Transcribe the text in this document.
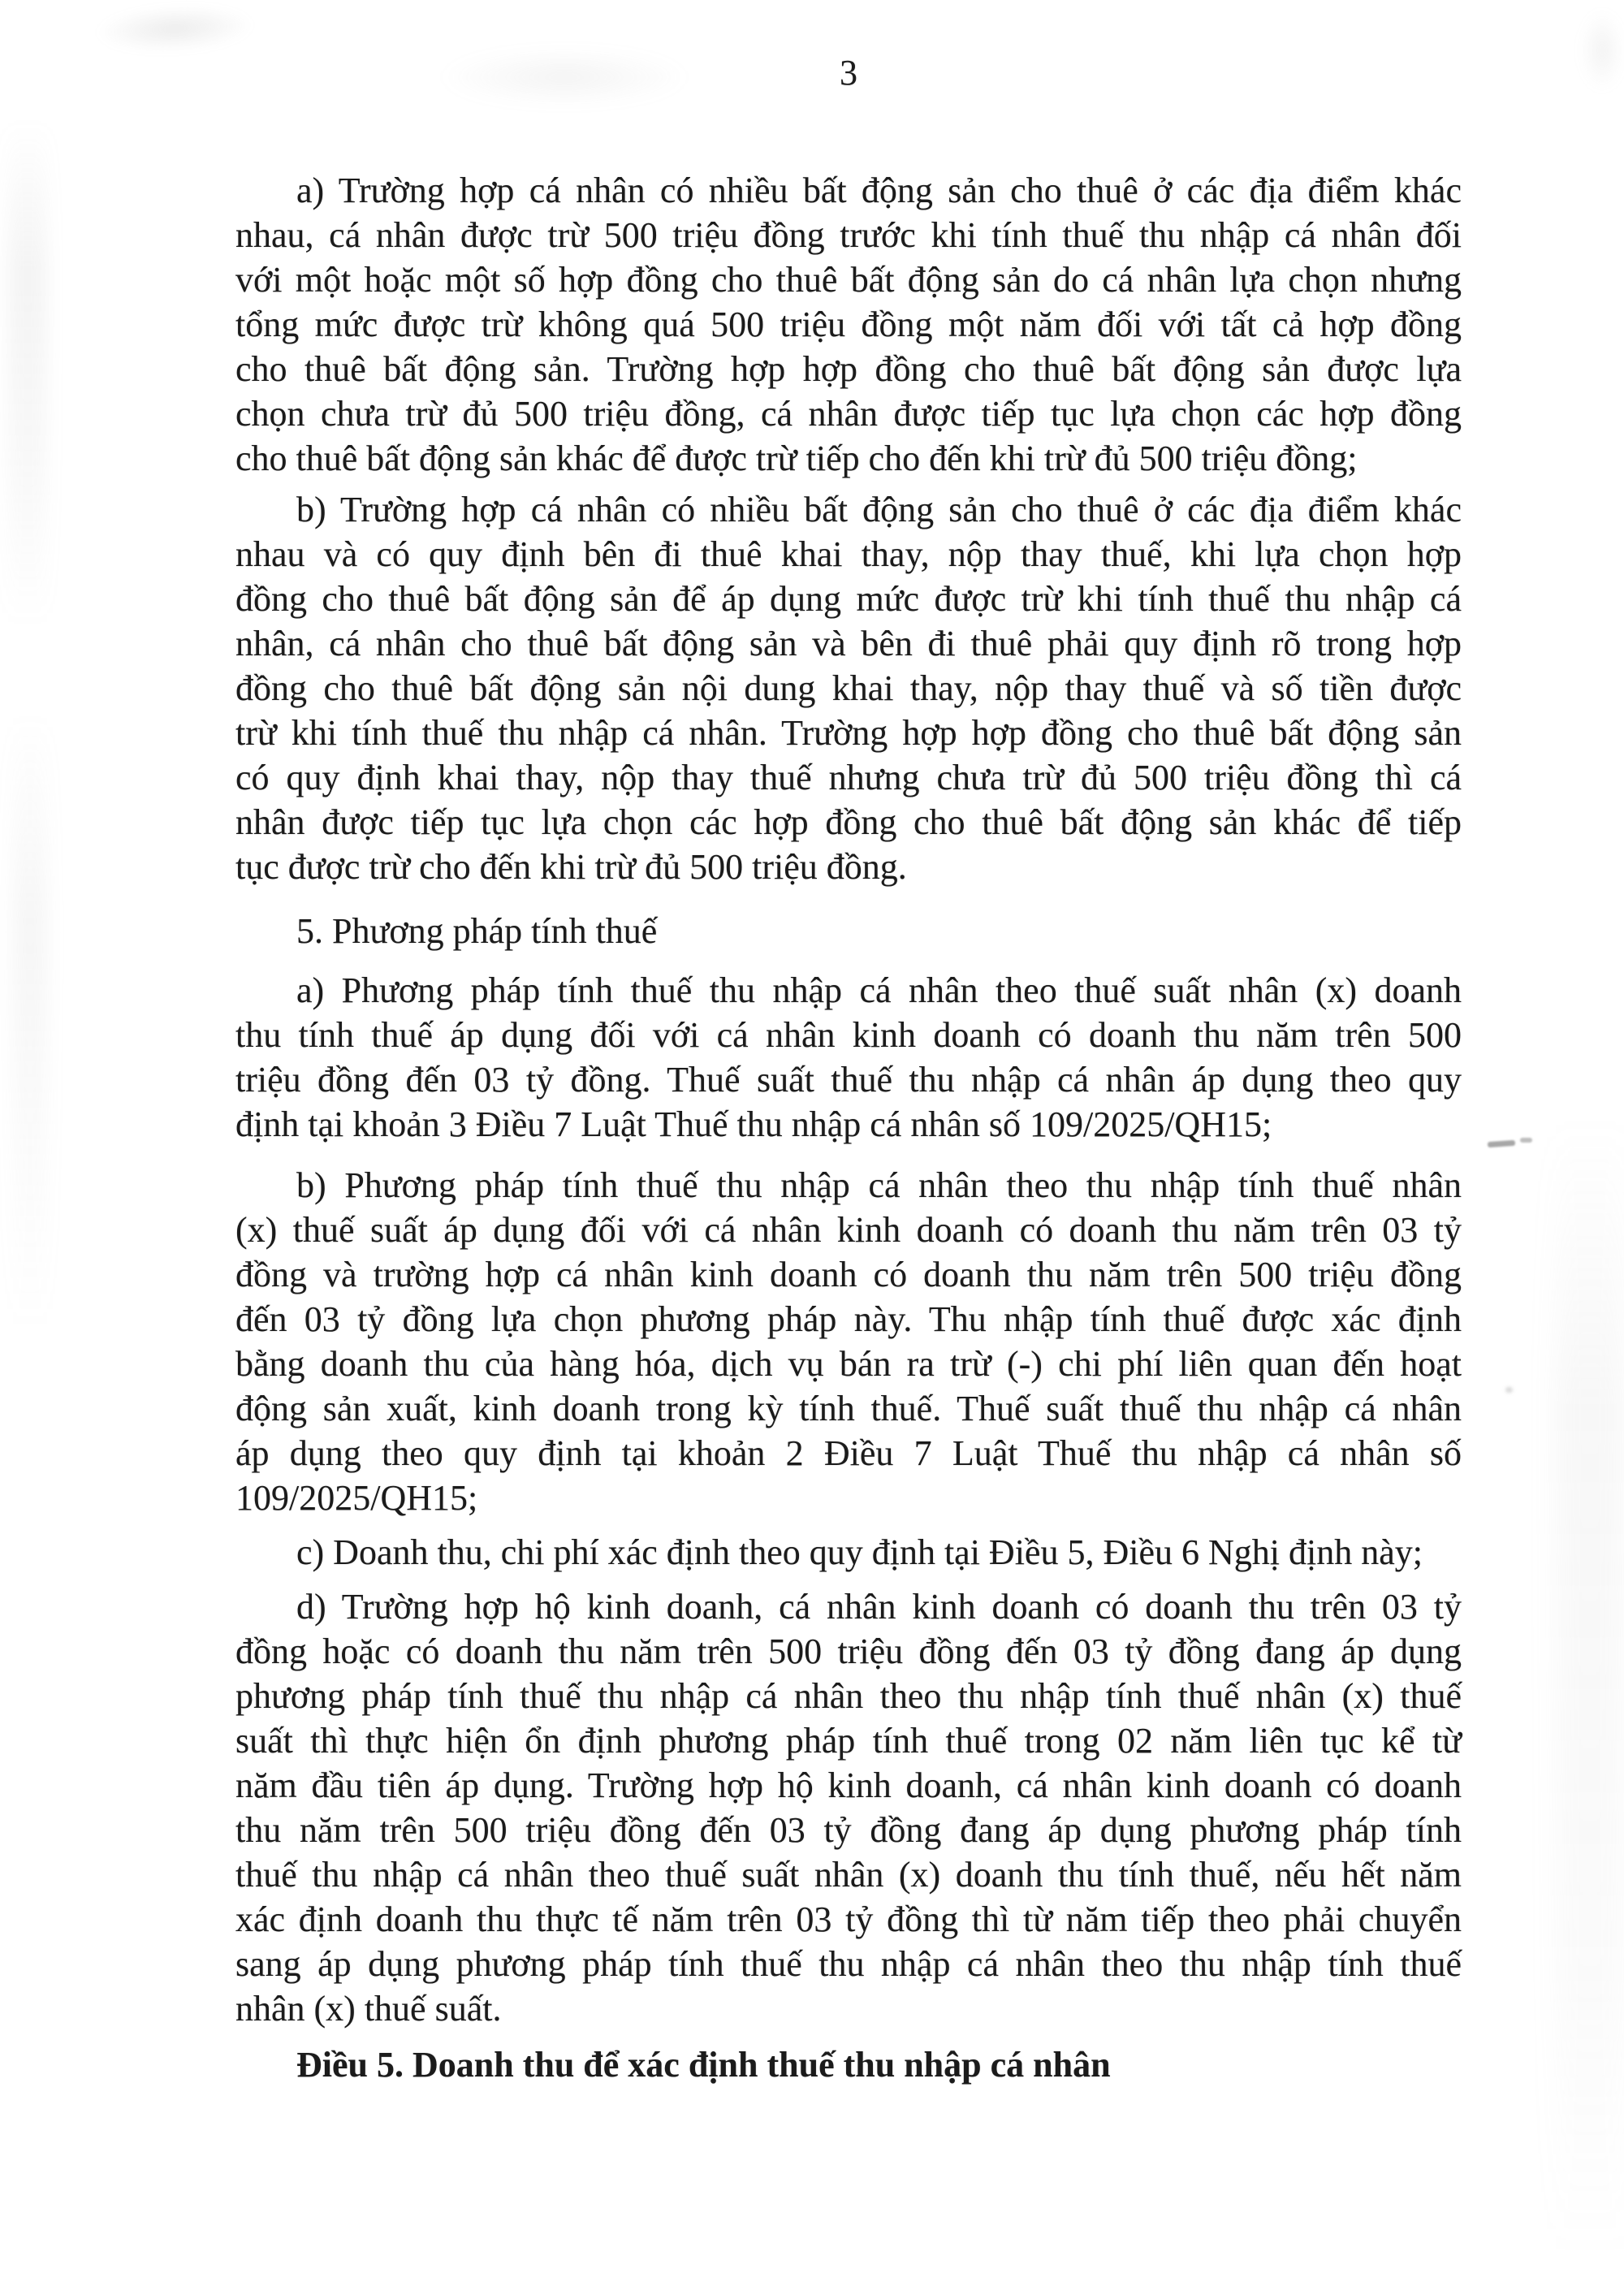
3

a) Trường hợp cá nhân có nhiều bất động sản cho thuê ở các địa điểm khác
nhau, cá nhân được trừ 500 triệu đồng trước khi tính thuế thu nhập cá nhân đối
với một hoặc một số hợp đồng cho thuê bất động sản do cá nhân lựa chọn nhưng
tổng mức được trừ không quá 500 triệu đồng một năm đối với tất cả hợp đồng
cho thuê bất động sản. Trường hợp hợp đồng cho thuê bất động sản được lựa
chọn chưa trừ đủ 500 triệu đồng, cá nhân được tiếp tục lựa chọn các hợp đồng
cho thuê bất động sản khác để được trừ tiếp cho đến khi trừ đủ 500 triệu đồng;

b) Trường hợp cá nhân có nhiều bất động sản cho thuê ở các địa điểm khác
nhau và có quy định bên đi thuê khai thay, nộp thay thuế, khi lựa chọn hợp
đồng cho thuê bất động sản để áp dụng mức được trừ khi tính thuế thu nhập cá
nhân, cá nhân cho thuê bất động sản và bên đi thuê phải quy định rõ trong hợp
đồng cho thuê bất động sản nội dung khai thay, nộp thay thuế và số tiền được
trừ khi tính thuế thu nhập cá nhân. Trường hợp hợp đồng cho thuê bất động sản
có quy định khai thay, nộp thay thuế nhưng chưa trừ đủ 500 triệu đồng thì cá
nhân được tiếp tục lựa chọn các hợp đồng cho thuê bất động sản khác để tiếp
tục được trừ cho đến khi trừ đủ 500 triệu đồng.

5. Phương pháp tính thuế

a) Phương pháp tính thuế thu nhập cá nhân theo thuế suất nhân (x) doanh
thu tính thuế áp dụng đối với cá nhân kinh doanh có doanh thu năm trên 500
triệu đồng đến 03 tỷ đồng. Thuế suất thuế thu nhập cá nhân áp dụng theo quy
định tại khoản 3 Điều 7 Luật Thuế thu nhập cá nhân số 109/2025/QH15;

b) Phương pháp tính thuế thu nhập cá nhân theo thu nhập tính thuế nhân
(x) thuế suất áp dụng đối với cá nhân kinh doanh có doanh thu năm trên 03 tỷ
đồng và trường hợp cá nhân kinh doanh có doanh thu năm trên 500 triệu đồng
đến 03 tỷ đồng lựa chọn phương pháp này. Thu nhập tính thuế được xác định
bằng doanh thu của hàng hóa, dịch vụ bán ra trừ (-) chi phí liên quan đến hoạt
động sản xuất, kinh doanh trong kỳ tính thuế. Thuế suất thuế thu nhập cá nhân
áp dụng theo quy định tại khoản 2 Điều 7 Luật Thuế thu nhập cá nhân số
109/2025/QH15;

c) Doanh thu, chi phí xác định theo quy định tại Điều 5, Điều 6 Nghị định này;

d) Trường hợp hộ kinh doanh, cá nhân kinh doanh có doanh thu trên 03 tỷ
đồng hoặc có doanh thu năm trên 500 triệu đồng đến 03 tỷ đồng đang áp dụng
phương pháp tính thuế thu nhập cá nhân theo thu nhập tính thuế nhân (x) thuế
suất thì thực hiện ổn định phương pháp tính thuế trong 02 năm liên tục kể từ
năm đầu tiên áp dụng. Trường hợp hộ kinh doanh, cá nhân kinh doanh có doanh
thu năm trên 500 triệu đồng đến 03 tỷ đồng đang áp dụng phương pháp tính
thuế thu nhập cá nhân theo thuế suất nhân (x) doanh thu tính thuế, nếu hết năm
xác định doanh thu thực tế năm trên 03 tỷ đồng thì từ năm tiếp theo phải chuyển
sang áp dụng phương pháp tính thuế thu nhập cá nhân theo thu nhập tính thuế
nhân (x) thuế suất.

Điều 5. Doanh thu để xác định thuế thu nhập cá nhân
